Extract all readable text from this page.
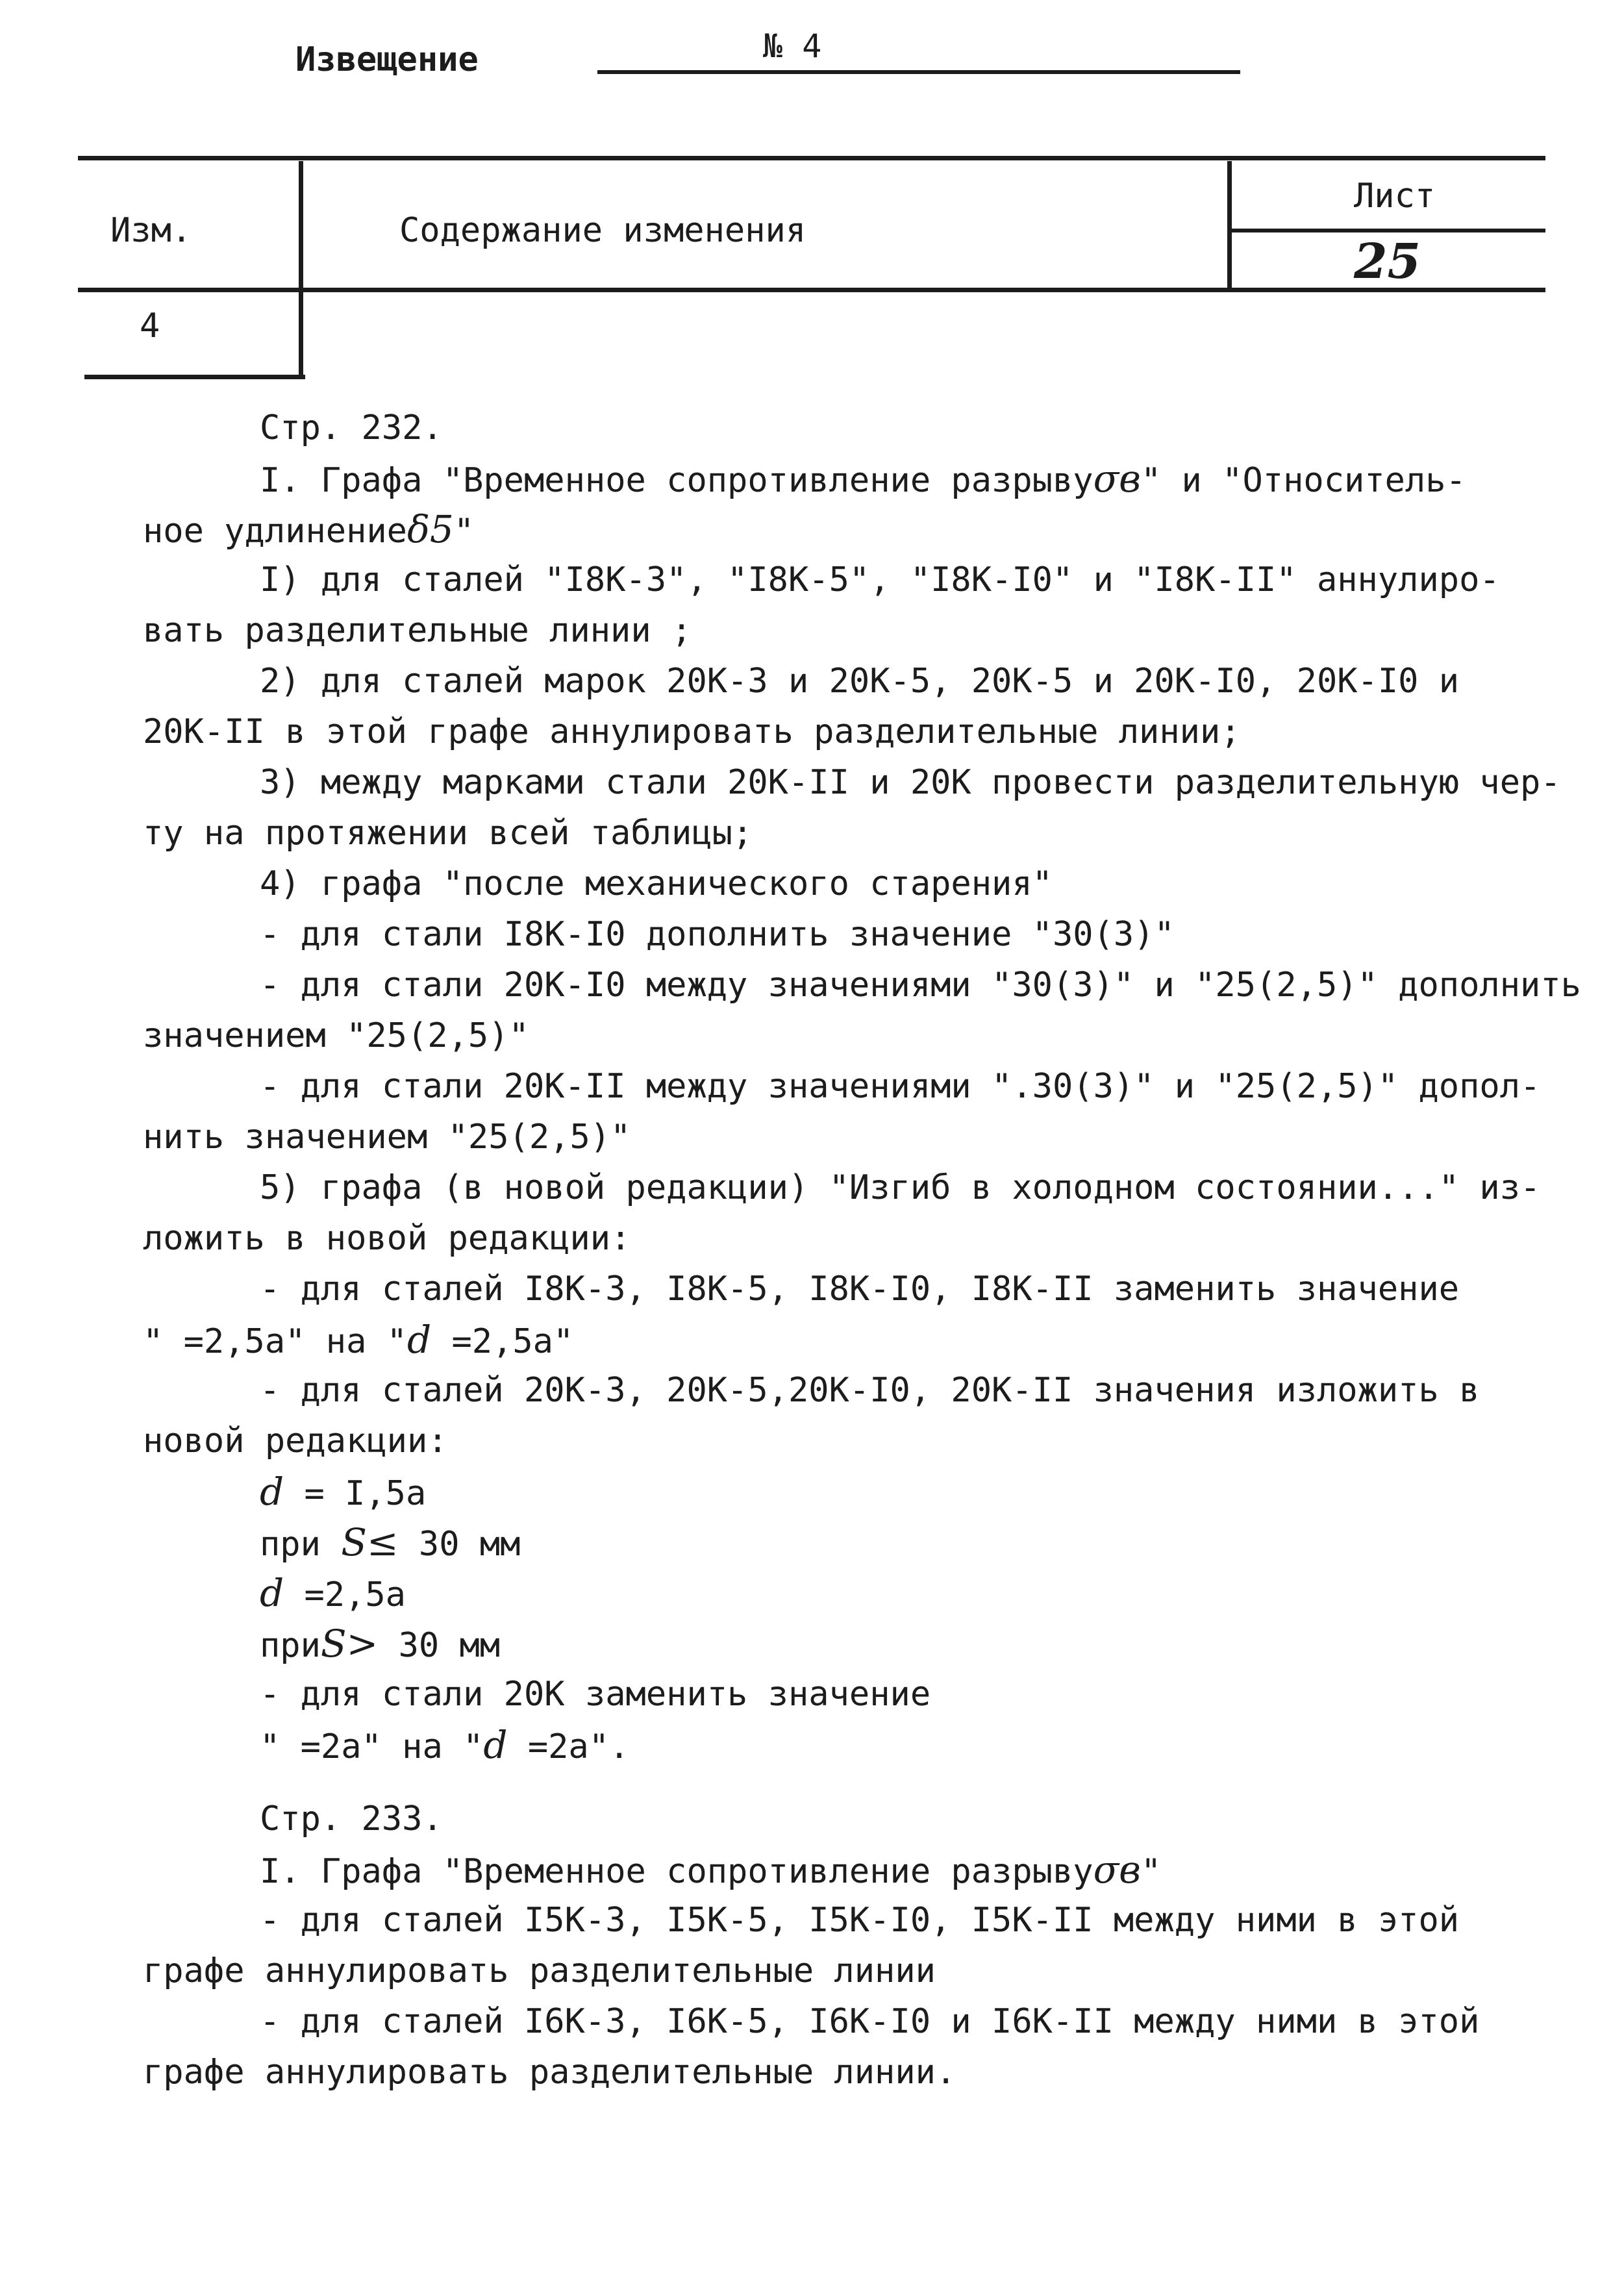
Извещение	№ 4
Изм.	Содержание изменения
Лист
25
4
Стр. 232.
I. Графа "Временное сопротивление разрывуσв" и "Относитель-
ное удлинениеδ5"
I) для сталей "I8К-3", "I8К-5", "I8К-I0" и "I8К-II" аннулиро-
вать разделительные линии ;
2) для сталей марок 20К-3 и 20К-5, 20К-5 и 20К-I0, 20К-I0 и
20К-II в этой графе аннулировать разделительные линии;
3) между марками стали 20К-II и 20К провести разделительную чер-
ту на протяжении всей таблицы;
4) графа "после механического старения"
- для стали I8К-I0 дополнить значение "30(3)"
- для стали 20К-I0 между значениями "30(3)" и "25(2,5)" дополнить
значением "25(2,5)"
- для стали 20К-II между значениями ".30(3)" и "25(2,5)" допол-
нить значением "25(2,5)"
5) графа (в новой редакции) "Изгиб в холодном состоянии..." из-
ложить в новой редакции:
- для сталей I8К-3, I8К-5, I8К-I0, I8К-II заменить значение
" =2,5a" на "d =2,5a"
- для сталей 20К-3, 20К-5,20К-I0, 20К-II значения изложить в
новой редакции:
d = I,5a
при S≤ 30 мм
d =2,5a
приS> 30 мм
- для стали 20К заменить значение
" =2a" на "d =2a".
Стр. 233.
I. Графа "Временное сопротивление разрывуσв"
- для сталей I5К-3, I5К-5, I5К-I0, I5К-II между ними в этой
графе аннулировать разделительные линии
- для сталей I6К-3, I6К-5, I6К-I0 и I6К-II между ними в этой
графе аннулировать разделительные линии.
